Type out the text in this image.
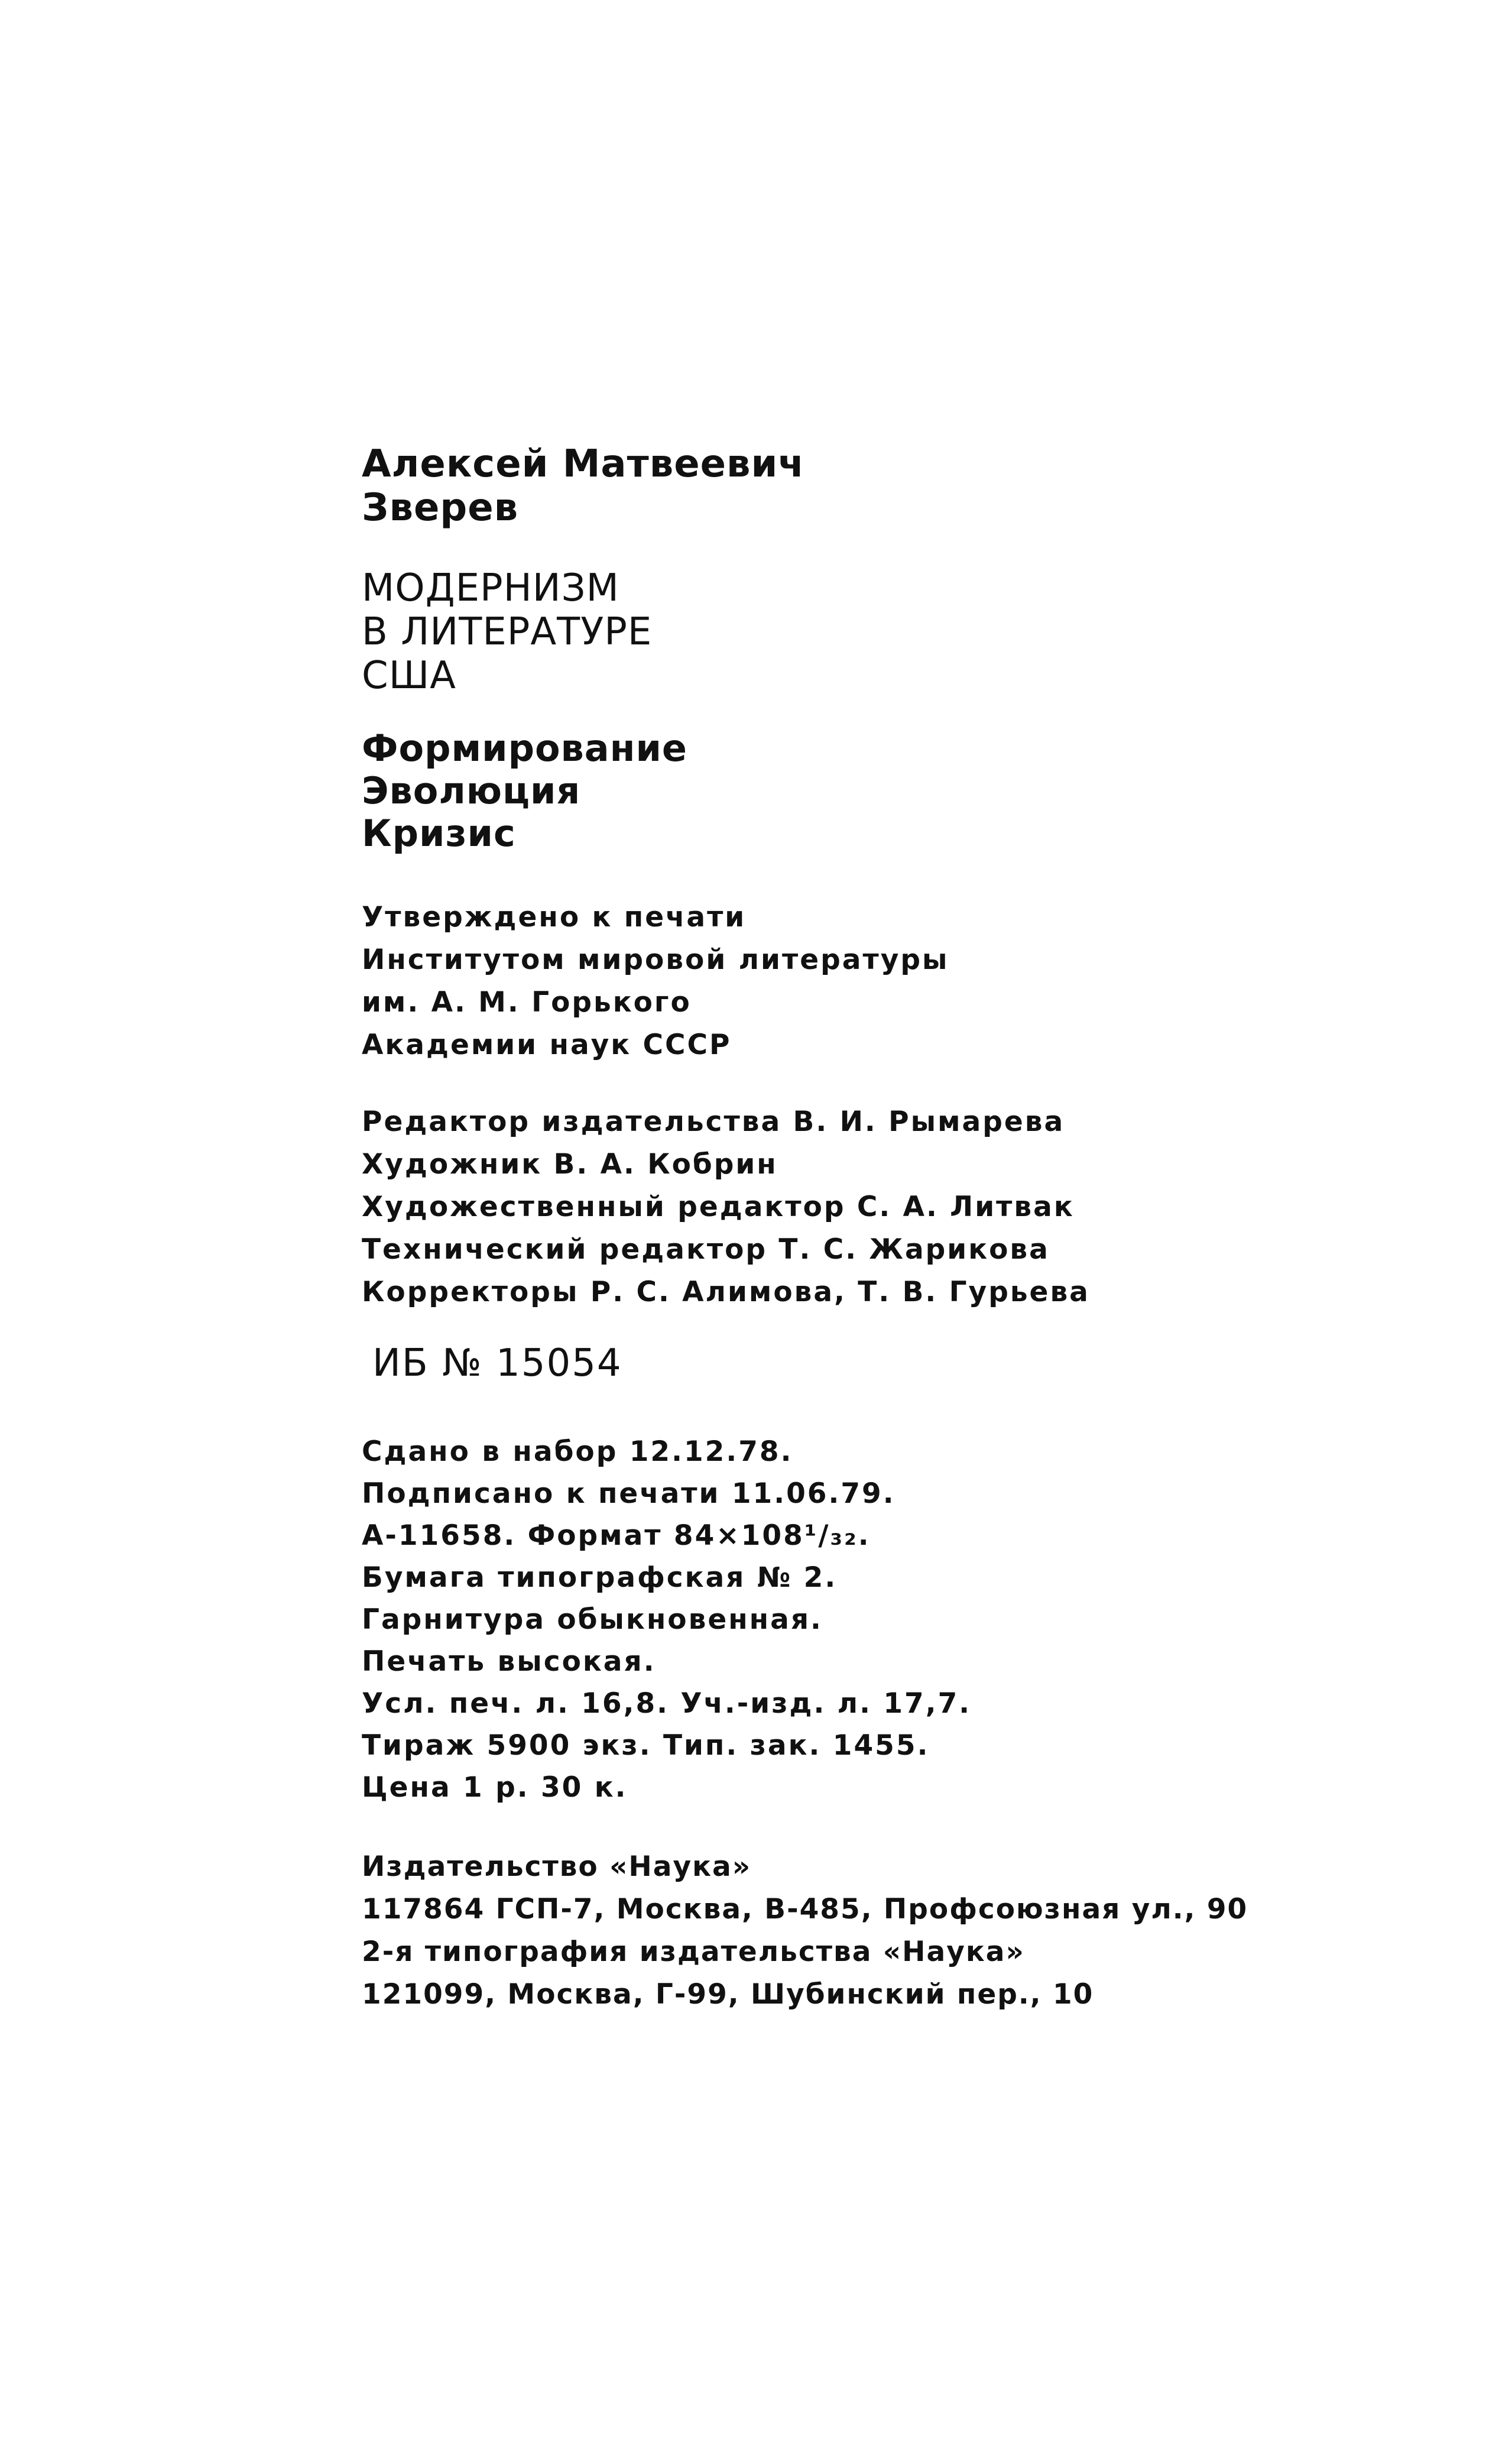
Алексей Матвеевич
Зверев
МОДЕРНИЗМ
В ЛИТЕРАТУРЕ
США
Формирование
Эволюция
Кризис
Утверждено к печати
Институтом мировой литературы
им. А. М. Горького
Академии наук СССР
Редактор издательства В. И. Рымарева
Художник В. А. Кобрин
Художественный редактор С. А. Литвак
Технический редактор Т. С. Жарикова
Корректоры Р. С. Алимова, Т. В. Гурьева
ИБ № 15054
Сдано в набор 12.12.78.
Подписано к печати 11.06.79.
А-11658. Формат 84×108¹/₃₂.
Бумага типографская № 2.
Гарнитура обыкновенная.
Печать высокая.
Усл. печ. л. 16,8. Уч.-изд. л. 17,7.
Тираж 5900 экз. Тип. зак. 1455.
Цена 1 р. 30 к.
Издательство «Наука»
117864 ГСП-7, Москва, В-485, Профсоюзная ул., 90
2-я типография издательства «Наука»
121099, Москва, Г-99, Шубинский пер., 10
